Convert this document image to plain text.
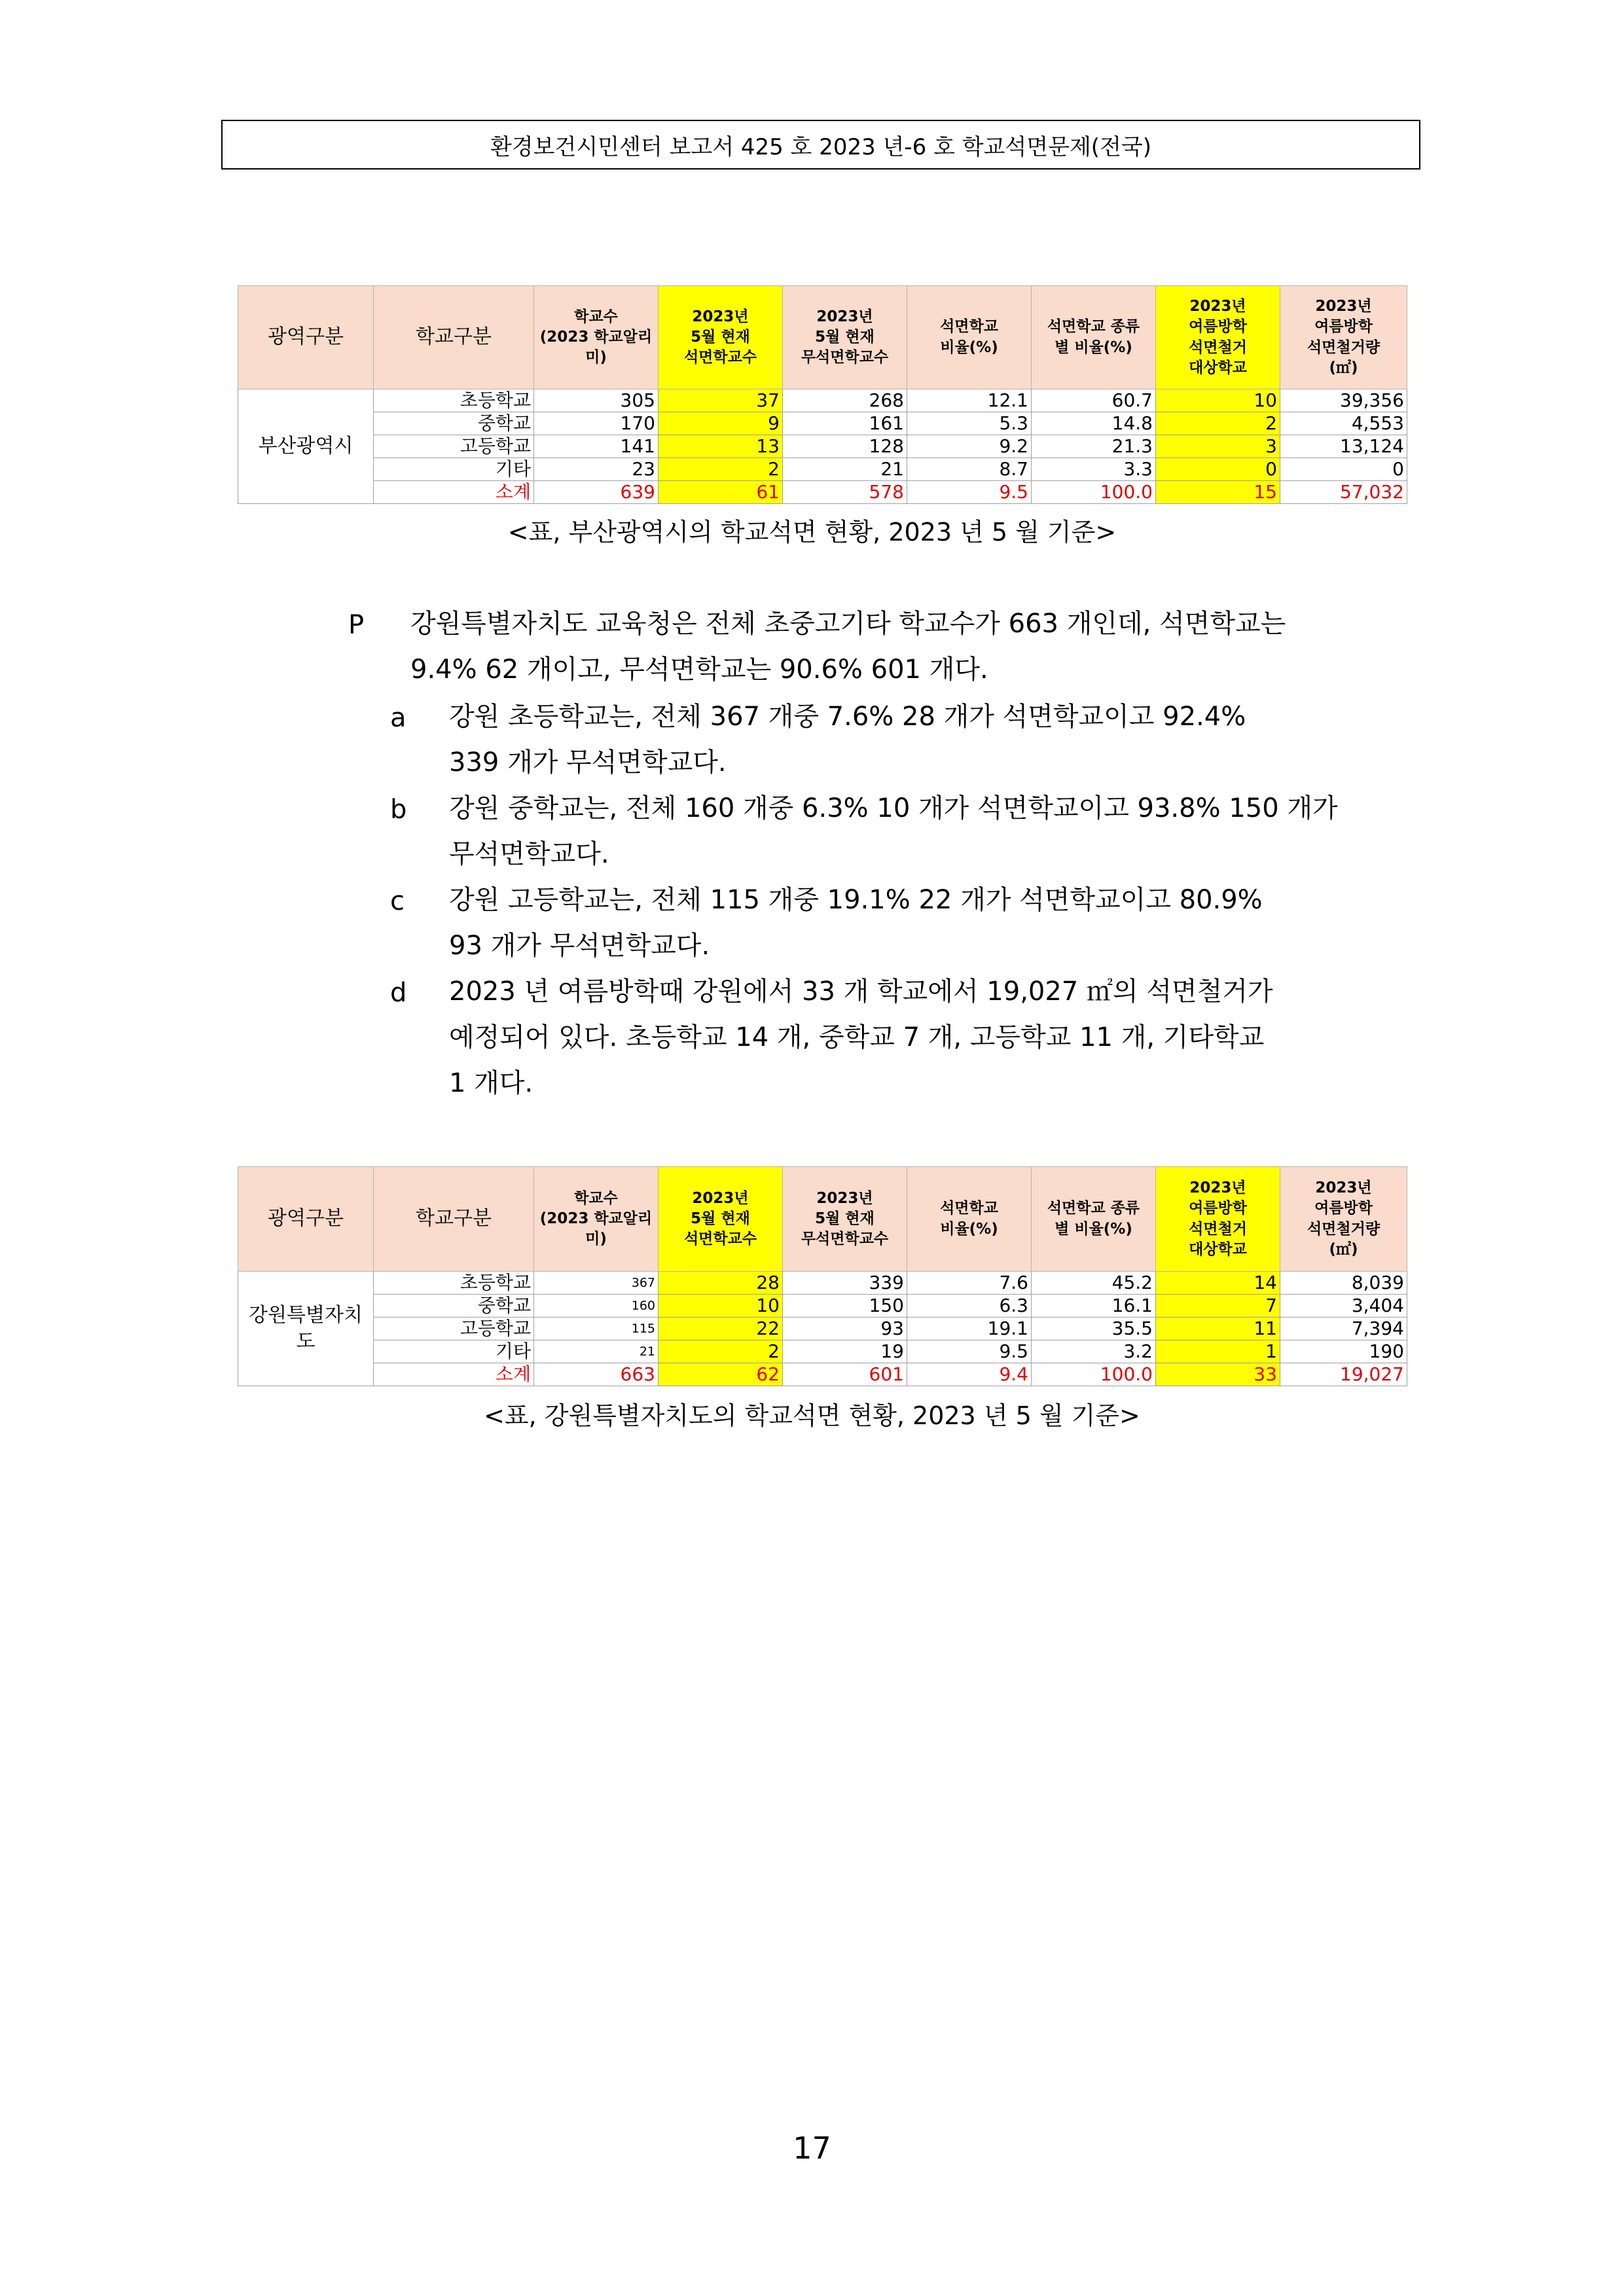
환경보건시민센터 보고서 425 호 2023 년-6 호 학교석면문제(전국)
광역구분	학교구분	학교수
(2023 학교알리
미)	2023년
5월 현재
석면학교수	2023년
5월 현재
무석면학교수	석면학교
비율(%)	석면학교 종류
별 비율(%)	2023년
여름방학
석면철거
대상학교	2023년
여름방학
석면철거량
(㎡)
부산광역시	초등학교	305	37	268	12.1	60.7	10	39,356
	중학교	170	9	161	5.3	14.8	2	4,553
	고등학교	141	13	128	9.2	21.3	3	13,124
	기타	23	2	21	8.7	3.3	0	0
	소계	639	61	578	9.5	100.0	15	57,032
<표, 부산광역시의 학교석면 현황, 2023 년 5 월 기준>
P 강원특별자치도 교육청은 전체 초중고기타 학교수가 663 개인데, 석면학교는
9.4% 62 개이고, 무석면학교는 90.6% 601 개다.
a 강원 초등학교는, 전체 367 개중 7.6% 28 개가 석면학교이고 92.4%
339 개가 무석면학교다.
b 강원 중학교는, 전체 160 개중 6.3% 10 개가 석면학교이고 93.8% 150 개가
무석면학교다.
c 강원 고등학교는, 전체 115 개중 19.1% 22 개가 석면학교이고 80.9%
93 개가 무석면학교다.
d 2023 년 여름방학때 강원에서 33 개 학교에서 19,027 ㎡의 석면철거가
예정되어 있다. 초등학교 14 개, 중학교 7 개, 고등학교 11 개, 기타학교
1 개다.
광역구분	학교구분	학교수
(2023 학교알리
미)	2023년
5월 현재
석면학교수	2023년
5월 현재
무석면학교수	석면학교
비율(%)	석면학교 종류
별 비율(%)	2023년
여름방학
석면철거
대상학교	2023년
여름방학
석면철거량
(㎡)
강원특별자치
도	초등학교	367	28	339	7.6	45.2	14	8,039
	중학교	160	10	150	6.3	16.1	7	3,404
	고등학교	115	22	93	19.1	35.5	11	7,394
	기타	21	2	19	9.5	3.2	1	190
	소계	663	62	601	9.4	100.0	33	19,027
<표, 강원특별자치도의 학교석면 현황, 2023 년 5 월 기준>
17
